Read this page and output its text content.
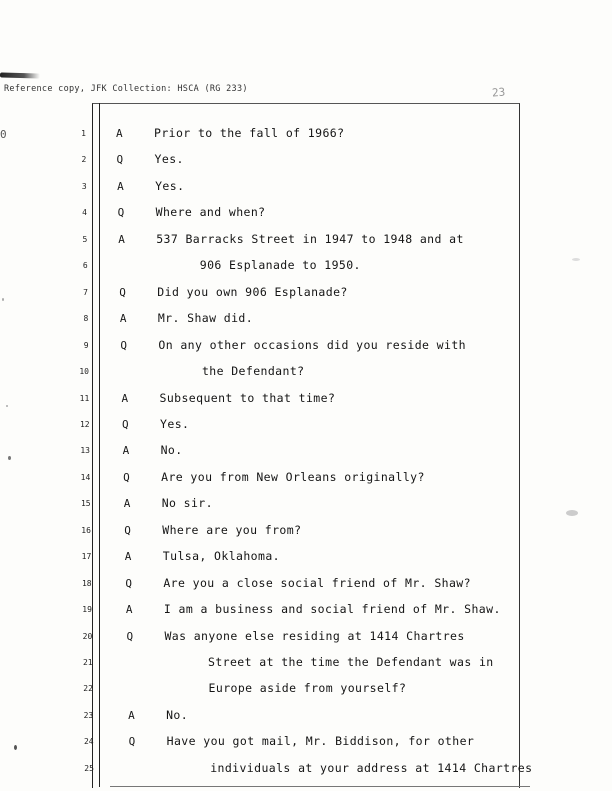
Reference copy, JFK Collection: HSCA (RG 233)	23
0	1	A	Prior to the fall of 1966?
2	Q	Yes.
3	A	Yes.
4	Q	Where and when?
5	A	537 Barracks Street in 1947 to 1948 and at
6	906 Esplanade to 1950.
7	Q	Did you own 906 Esplanade?
8	A	Mr. Shaw did.
9	Q	On any other occasions did you reside with
10	the Defendant?
11	A	Subsequent to that time?
12	Q	Yes.
13	A	No.
14	Q	Are you from New Orleans originally?
15	A	No sir.
16	Q	Where are you from?
17	A	Tulsa, Oklahoma.
18	Q	Are you a close social friend of Mr. Shaw?
19	A	I am a business and social friend of Mr. Shaw.
20	Q	Was anyone else residing at 1414 Chartres
21	Street at the time the Defendant was in
22	Europe aside from yourself?
23	A	No.
24	Q	Have you got mail, Mr. Biddison, for other
25	individuals at your address at 1414 Chartres
